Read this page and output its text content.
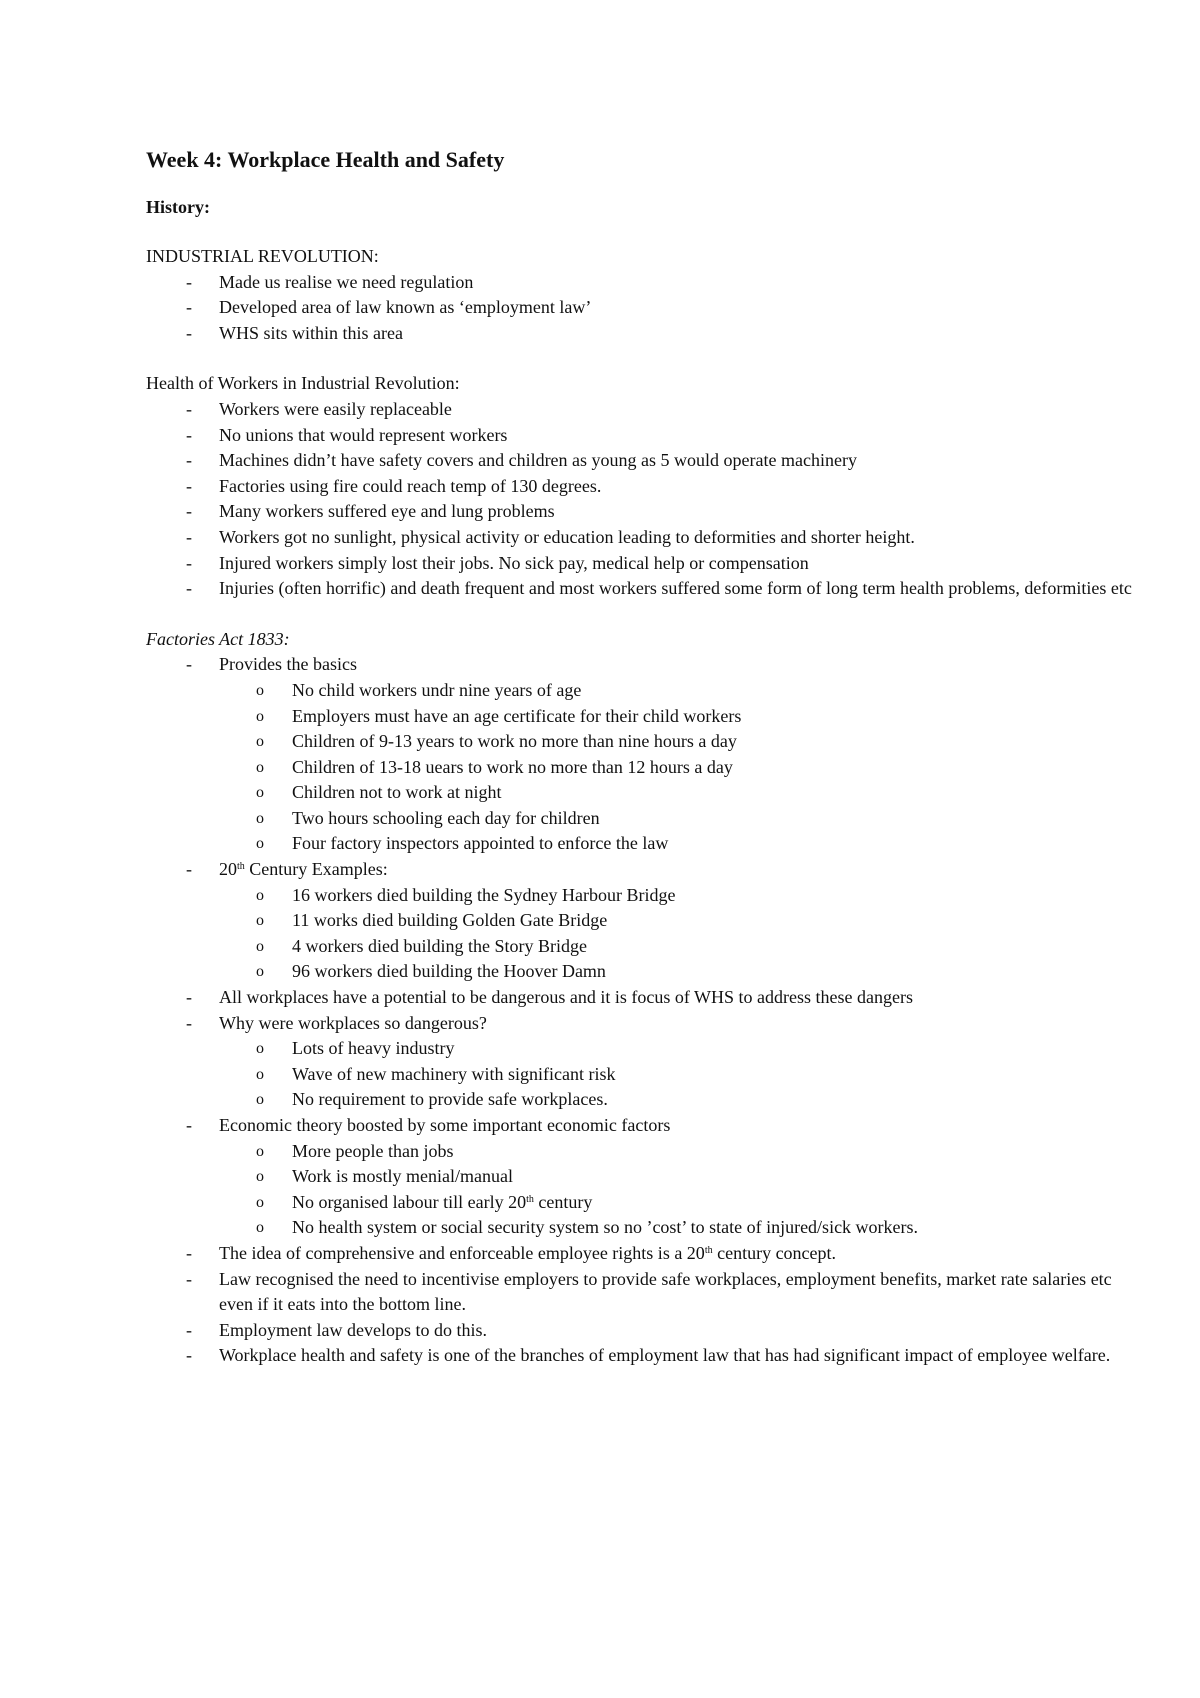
Week 4: Workplace Health and Safety
History:
INDUSTRIAL REVOLUTION:
- Made us realise we need regulation
- Developed area of law known as ‘employment law’
- WHS sits within this area
Health of Workers in Industrial Revolution:
- Workers were easily replaceable
- No unions that would represent workers
- Machines didn’t have safety covers and children as young as 5 would operate machinery
- Factories using fire could reach temp of 130 degrees.
- Many workers suffered eye and lung problems
- Workers got no sunlight, physical activity or education leading to deformities and shorter height.
- Injured workers simply lost their jobs. No sick pay, medical help or compensation
- Injuries (often horrific) and death frequent and most workers suffered some form of long term health problems, deformities etc
Factories Act 1833:
- Provides the basics
o No child workers undr nine years of age
o Employers must have an age certificate for their child workers
o Children of 9-13 years to work no more than nine hours a day
o Children of 13-18 uears to work no more than 12 hours a day
o Children not to work at night
o Two hours schooling each day for children
o Four factory inspectors appointed to enforce the law
- 20th Century Examples:
o 16 workers died building the Sydney Harbour Bridge
o 11 works died building Golden Gate Bridge
o 4 workers died building the Story Bridge
o 96 workers died building the Hoover Damn
- All workplaces have a potential to be dangerous and it is focus of WHS to address these dangers
- Why were workplaces so dangerous?
o Lots of heavy industry
o Wave of new machinery with significant risk
o No requirement to provide safe workplaces.
- Economic theory boosted by some important economic factors
o More people than jobs
o Work is mostly menial/manual
o No organised labour till early 20th century
o No health system or social security system so no ’cost’ to state of injured/sick workers.
- The idea of comprehensive and enforceable employee rights is a 20th century concept.
- Law recognised the need to incentivise employers to provide safe workplaces, employment benefits, market rate salaries etc even if it eats into the bottom line.
- Employment law develops to do this.
- Workplace health and safety is one of the branches of employment law that has had significant impact of employee welfare.
